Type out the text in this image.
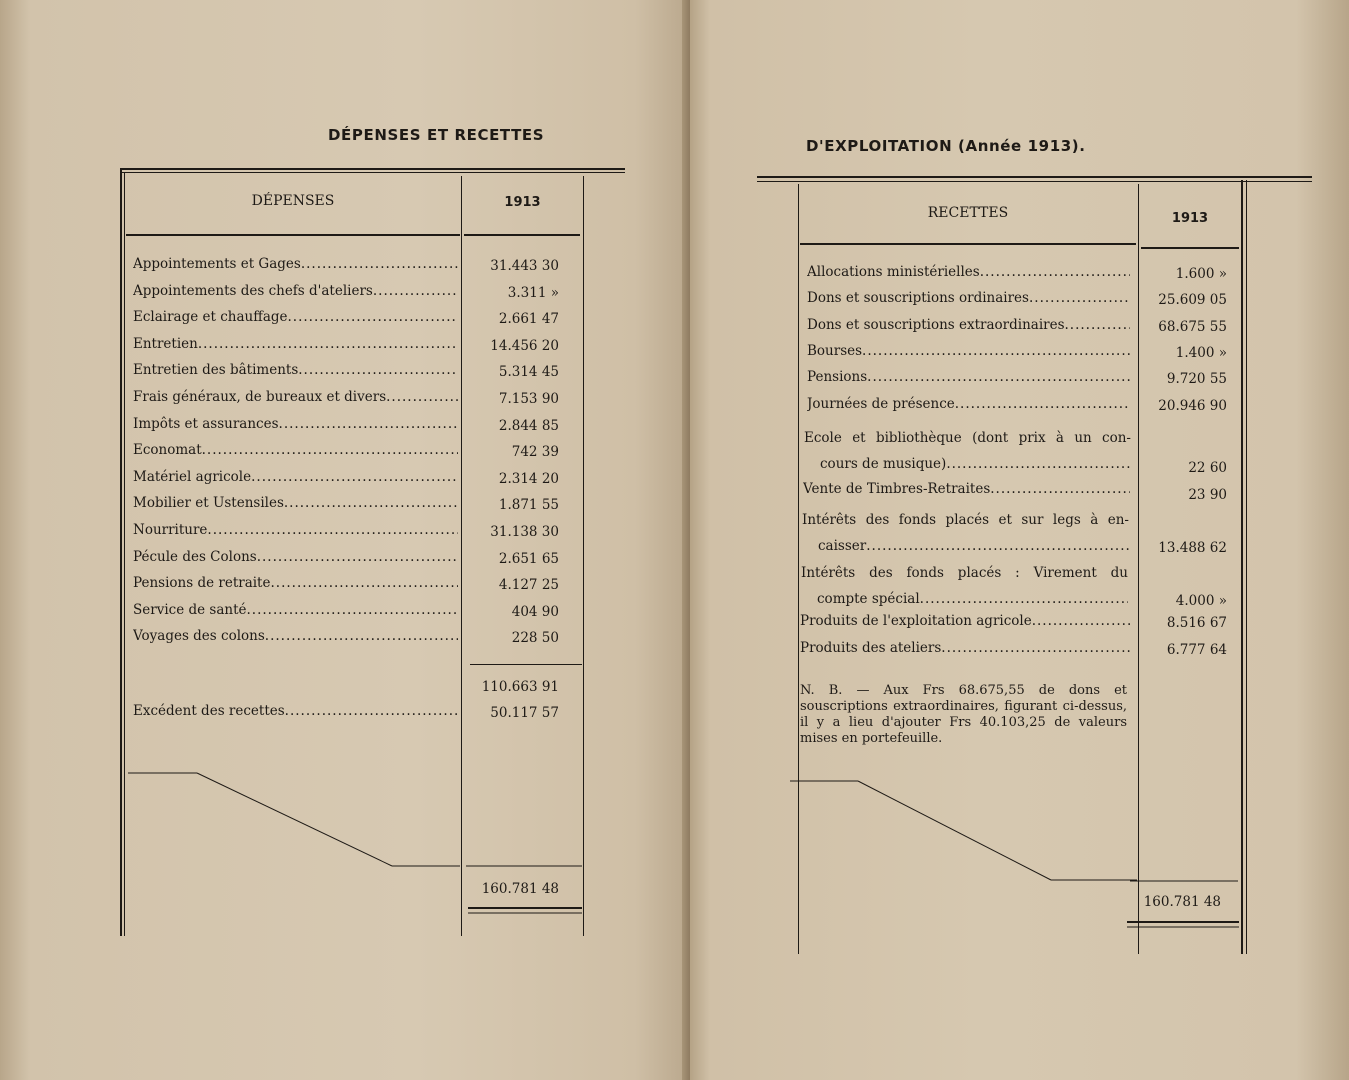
DÉPENSES ET RECETTES
DÉPENSES	1913
Appointements et Gages .....	31.443 30
Appointements des chefs d'ateliers .....	3.311 »
Eclairage et chauffage .....	2.661 47
Entretien .....	14.456 20
Entretien des bâtiments .....	5.314 45
Frais généraux, de bureaux et divers .....	7.153 90
Impôts et assurances .....	2.844 85
Economat .....	742 39
Matériel agricole .....	2.314 20
Mobilier et Ustensiles .....	1.871 55
Nourriture .....	31.138 30
Pécule des Colons .....	2.651 65
Pensions de retraite .....	4.127 25
Service de santé .....	404 90
Voyages des colons .....	228 50
110.663 91
Excédent des recettes .....	50.117 57
160.781 48
D'EXPLOITATION (Année 1913).
RECETTES	1913
Allocations ministérielles .....	1.600 »
Dons et souscriptions ordinaires .....	25.609 05
Dons et souscriptions extraordinaires .....	68.675 55
Bourses .....	1.400 »
Pensions .....	9.720 55
Journées de présence .....	20.946 90
Ecole et bibliothèque (dont prix à un con-
cours de musique) .....	22 60
Vente de Timbres-Retraites .....	23 90
Intérêts des fonds placés et sur legs à en-
caisser .....	13.488 62
Intérêts des fonds placés : Virement du
compte spécial .....	4.000 »
Produits de l'exploitation agricole .....	8.516 67
Produits des ateliers .....	6.777 64
N. B. — Aux Frs 68.675,55 de dons et souscriptions extraordinaires, figurant ci-dessus, il y a lieu d'ajouter Frs 40.103,25 de valeurs mises en portefeuille.
160.781 48
